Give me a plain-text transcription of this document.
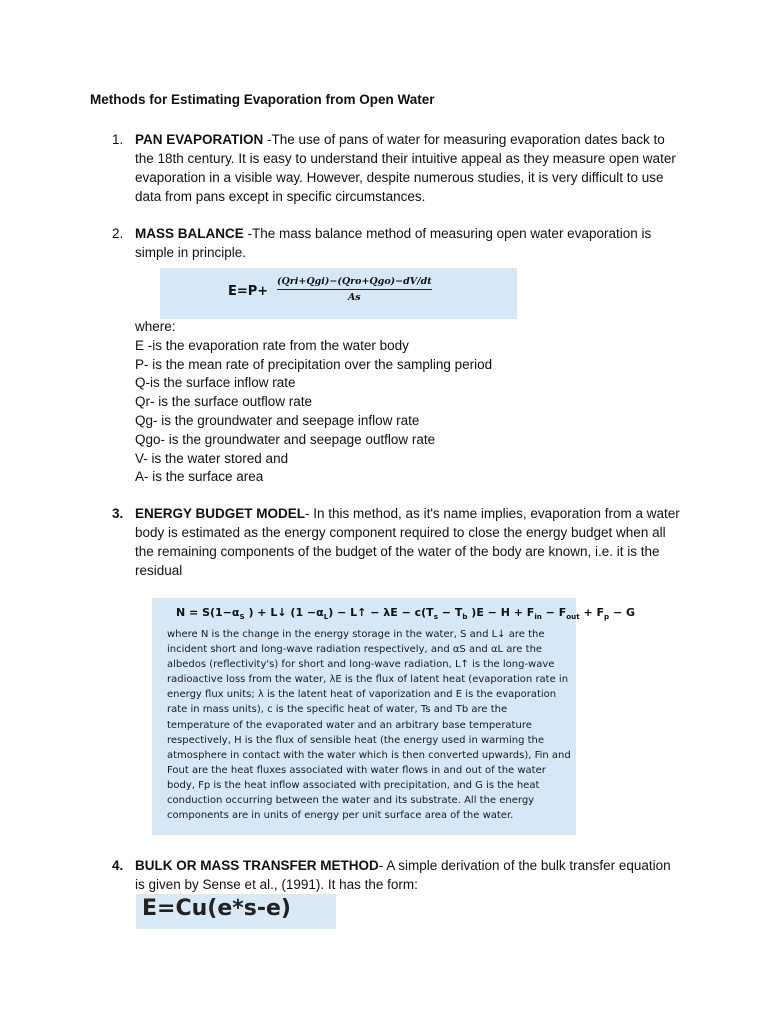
Methods for Estimating Evaporation from Open Water
1. PAN EVAPORATION -The use of pans of water for measuring evaporation dates back to the 18th century. It is easy to understand their intuitive appeal as they measure open water evaporation in a visible way. However, despite numerous studies, it is very difficult to use data from pans except in specific circumstances.
2. MASS BALANCE -The mass balance method of measuring open water evaporation is simple in principle.
E=P+
(Qri+Qgi)−(Qro+Qgo)−dV/dt
As
where:
E -is the evaporation rate from the water body
P- is the mean rate of precipitation over the sampling period
Q-is the surface inflow rate
Qr- is the surface outflow rate
Qg- is the groundwater and seepage inflow rate
Qgo- is the groundwater and seepage outflow rate
V- is the water stored and
A- is the surface area
3. ENERGY BUDGET MODEL- In this method, as it's name implies, evaporation from a water body is estimated as the energy component required to close the energy budget when all the remaining components of the budget of the water of the body are known, i.e. it is the residual
$N = S(1-\alpha_S$ ) + L↓ $(1 -\alpha_L)$ − L↑ − $\lambda E - c(T_s - T_b$ )$E - H + F_{in} - F_{out} + F_p - G$
where N is the change in the energy storage in the water, S and L↓ are the incident short and long-wave radiation respectively, and αS and αL are the albedos (reflectivity's) for short and long-wave radiation, L↑ is the long-wave radioactive loss from the water, λE is the flux of latent heat (evaporation rate in energy flux units; λ is the latent heat of vaporization and E is the evaporation rate in mass units), c is the specific heat of water, Ts and Tb are the temperature of the evaporated water and an arbitrary base temperature respectively, H is the flux of sensible heat (the energy used in warming the atmosphere in contact with the water which is then converted upwards), Fin and Fout are the heat fluxes associated with water flows in and out of the water body, Fp is the heat inflow associated with precipitation, and G is the heat conduction occurring between the water and its substrate. All the energy components are in units of energy per unit surface area of the water.
4. BULK OR MASS TRANSFER METHOD- A simple derivation of the bulk transfer equation is given by Sense et al., (1991). It has the form:
E=Cu(e*s-e)
